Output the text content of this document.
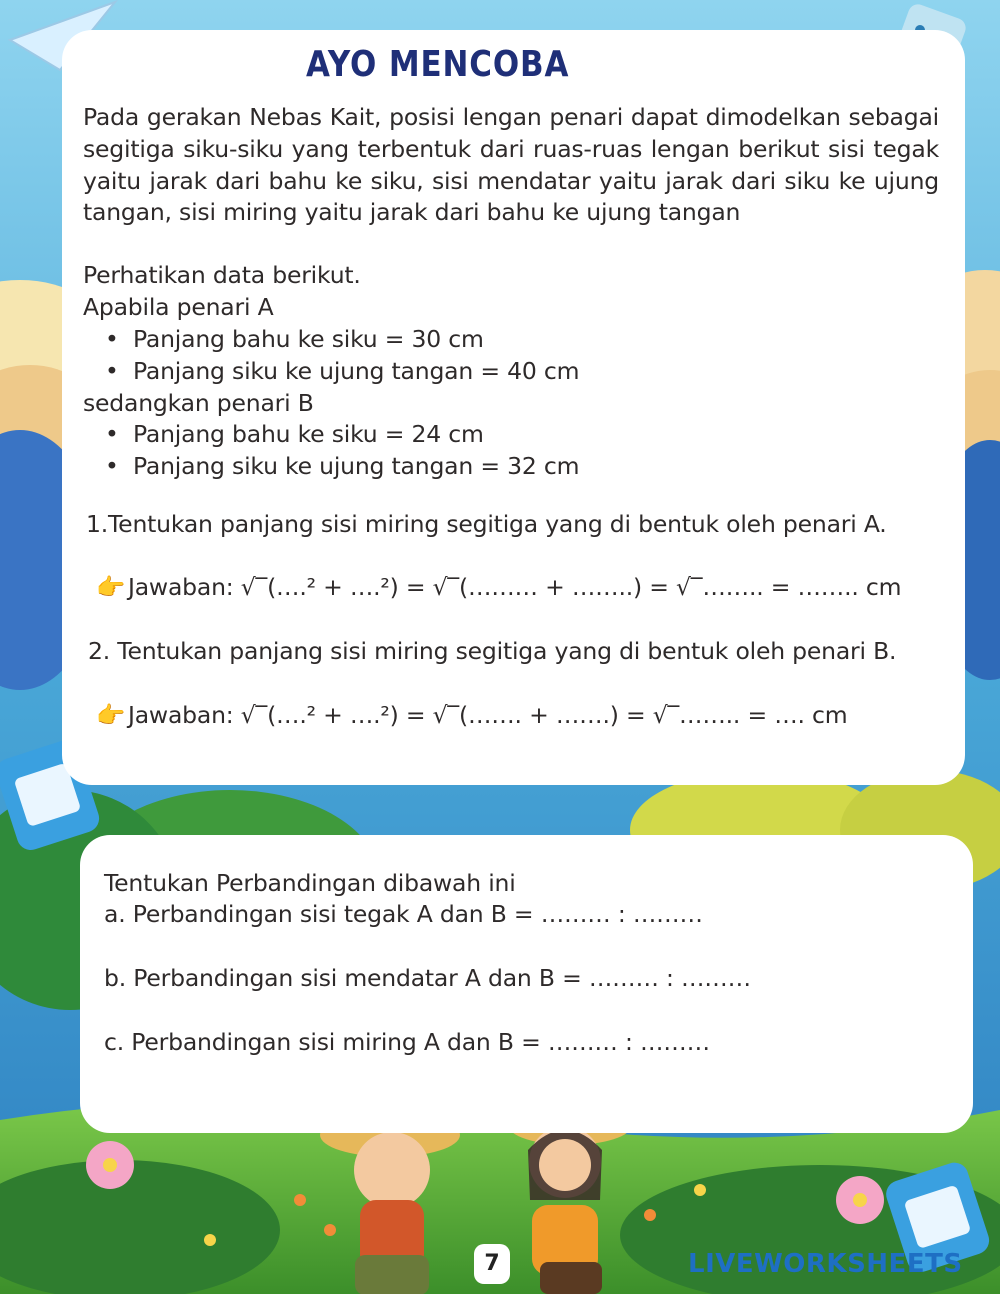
AYO MENCOBA

Pada gerakan Nebas Kait, posisi lengan penari dapat dimodelkan sebagai segitiga siku-siku yang terbentuk dari ruas-ruas lengan berikut sisi tegak yaitu jarak dari bahu ke siku, sisi mendatar yaitu jarak dari siku ke ujung tangan, sisi miring yaitu jarak dari bahu ke ujung tangan

Perhatikan data berikut.
Apabila penari A
• Panjang bahu ke siku = 30 cm
• Panjang siku ke ujung tangan = 40 cm
sedangkan penari B
• Panjang bahu ke siku = 24 cm
• Panjang siku ke ujung tangan = 32 cm
1.Tentukan panjang sisi miring segitiga yang di bentuk oleh penari A.
👉 Jawaban: √‾(….² + ….²) = √‾(……… + ……..) = √‾…….. = …….. cm
2. Tentukan panjang sisi miring segitiga yang di bentuk oleh penari B.
👉 Jawaban: √‾(….² + ….²) = √‾(……. + …….) = √‾…….. = …. cm
Tentukan Perbandingan dibawah ini
a. Perbandingan sisi tegak A dan B = ……… : ………
b. Perbandingan sisi mendatar A dan B = ……… : ………
c. Perbandingan sisi miring A dan B = ……… : ………
7	LIVEWORKSHEETS
